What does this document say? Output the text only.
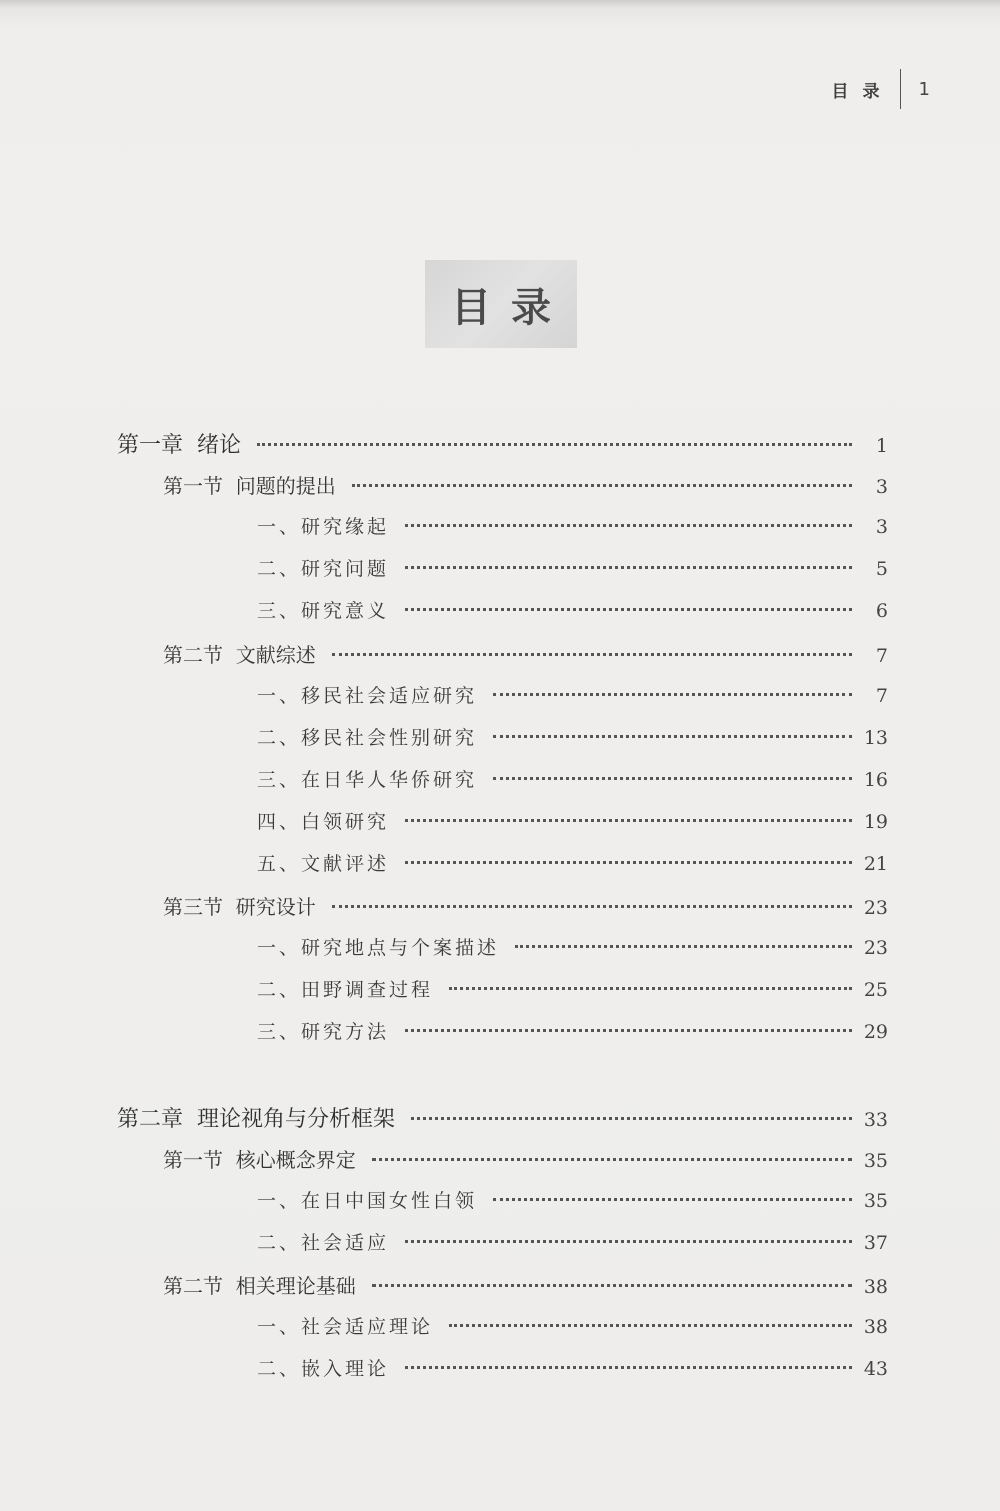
目录 1
目录
第一章  绪论	1
第一节  问题的提出	3
一、研究缘起	3
二、研究问题	5
三、研究意义	6
第二节  文献综述	7
一、移民社会适应研究	7
二、移民社会性别研究	13
三、在日华人华侨研究	16
四、白领研究	19
五、文献评述	21
第三节  研究设计	23
一、研究地点与个案描述	23
二、田野调查过程	25
三、研究方法	29
第二章  理论视角与分析框架	33
第一节  核心概念界定	35
一、在日中国女性白领	35
二、社会适应	37
第二节  相关理论基础	38
一、社会适应理论	38
二、嵌入理论	43
